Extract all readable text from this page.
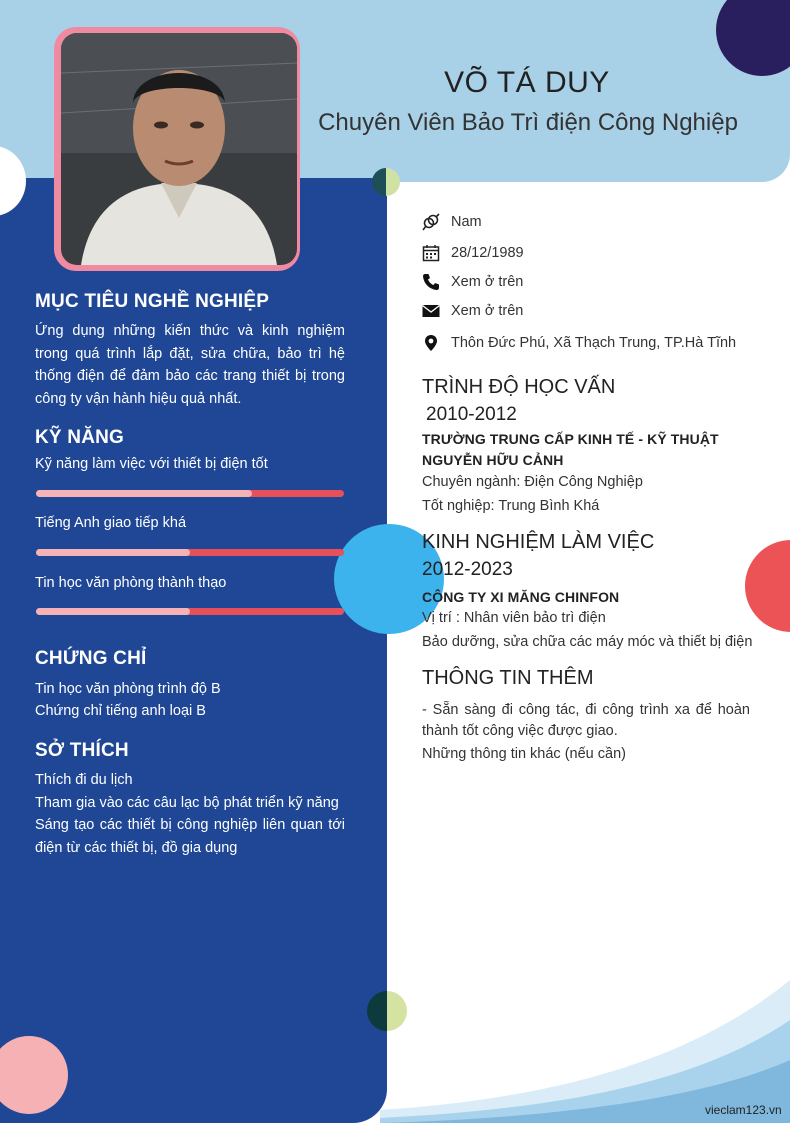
VÕ TÁ DUY
Chuyên Viên Bảo Trì điện Công Nghiệp
Nam
28/12/1989
Xem ở trên
Xem ở trên
Thôn Đức Phú, Xã Thạch Trung, TP.Hà Tĩnh
MỤC TIÊU NGHỀ NGHIỆP
Ứng dụng những kiến thức và kinh nghiệm trong quá trình lắp đặt, sửa chữa, bảo trì hệ thống điện để đảm bảo các trang thiết bị trong công ty vận hành hiệu quả nhất.
KỸ NĂNG
Kỹ năng làm việc với thiết bị điện tốt
Tiếng Anh giao tiếp khá
Tin học văn phòng thành thạo
CHỨNG CHỈ
Tin học văn phòng trình độ B
Chứng chỉ tiếng anh loại B
SỞ THÍCH
Thích đi du lịch
Tham gia vào các câu lạc bộ phát triển kỹ năng
Sáng tạo các thiết bị công nghiệp liên quan tới điện từ các thiết bị, đồ gia dụng
TRÌNH ĐỘ HỌC VẤN
2010-2012
TRƯỜNG TRUNG CẤP KINH TẾ - KỸ THUẬT
NGUYỄN HỮU CẢNH
Chuyên ngành: Điện Công Nghiệp
Tốt nghiệp: Trung Bình Khá
KINH NGHIỆM LÀM VIỆC
2012-2023
CÔNG TY XI MĂNG CHINFON
Vị trí : Nhân viên bảo trì điện
Bảo dưỡng, sửa chữa các máy móc và thiết bị điện
THÔNG TIN THÊM
- Sẵn sàng đi công tác, đi công trình xa để hoàn thành tốt công việc được giao.
Những thông tin khác (nếu cần)
vieclam123.vn
